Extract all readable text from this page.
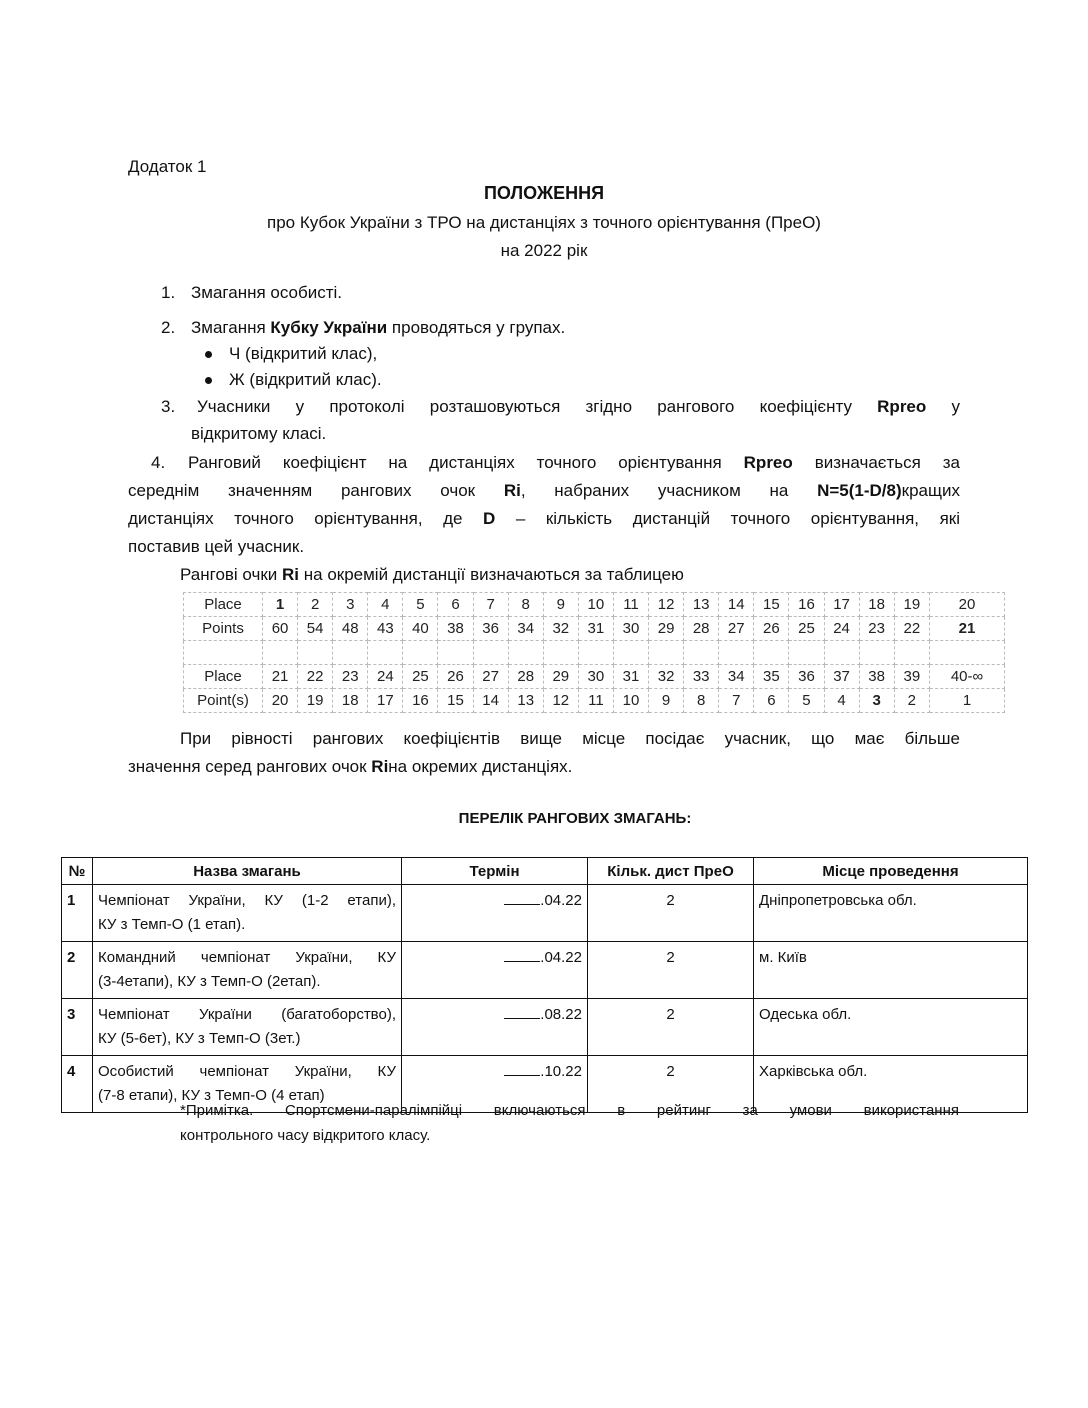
Додаток 1
ПОЛОЖЕННЯ
про Кубок України з ТРО на дистанціях з точного орієнтування (ПреО)
на 2022 рік
1. Змагання особисті.
2. Змагання Кубку України проводяться у групах.
Ч (відкритий клас),
Ж (відкритий клас).
3. Учасники у протоколі розташовуються згідно рангового коефіцієнту Rpreo у
відкритому класі.
4. Ранговий коефіцієнт на дистанціях точного орієнтування Rpreo визначається за
середнім значенням рангових очок Ri, набраних учасником на N=5(1-D/8)кращих
дистанціях точного орієнтування, де D – кількість дистанцій точного орієнтування, які
поставив цей учасник.
Рангові очки Ri на окремій дистанції визначаються за таблицею
Place	1	2	3	4	5	6	7	8	9	10	11	12	13	14	15	16	17	18	19	20
Points	60	54	48	43	40	38	36	34	32	31	30	29	28	27	26	25	24	23	22	21

Place	21	22	23	24	25	26	27	28	29	30	31	32	33	34	35	36	37	38	39	40-∞
Point(s)	20	19	18	17	16	15	14	13	12	11	10	9	8	7	6	5	4	3	2	1
При рівності рангових коефіцієнтів вище місце посідає учасник, що має більше
значення серед рангових очок Riна окремих дистанціях.
ПЕРЕЛІК РАНГОВИХ ЗМАГАНЬ:
№	Назва змагань	Термін	Кільк. дист ПреО	Місце проведення
1	Чемпіонат України, КУ (1-2 етапи),
КУ з Темп-О (1 етап).	.04.22	2	Дніпропетровська обл.
2	Командний чемпіонат України, КУ
(3-4етапи), КУ з Темп-О (2етап).	.04.22	2	м. Київ
3	Чемпіонат України (багатоборство),
КУ (5-6ет), КУ з Темп-О (3ет.)	.08.22	2	Одеська обл.
4	Особистий чемпіонат України, КУ
(7-8 етапи), КУ з Темп-О (4 етап)	.10.22	2	Харківська обл.
*Примітка. Спортсмени-паралімпійці включаються в рейтинг за умови використання
контрольного часу відкритого класу.
